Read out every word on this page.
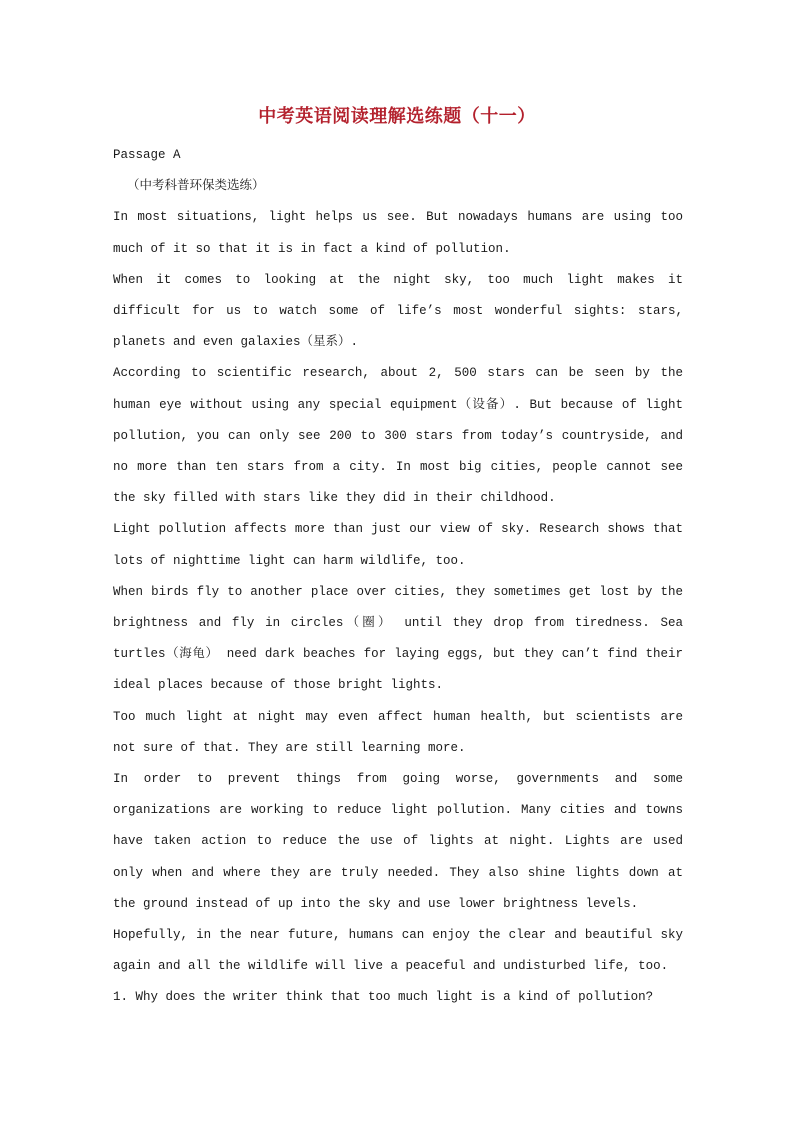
中考英语阅读理解选练题（十一）

Passage A

（中考科普环保类选练）

In most situations, light helps us see. But nowadays humans are using too much of it so that it is in fact a kind of pollution.

When it comes to looking at the night sky, too much light makes it difficult for us to watch some of life’s most wonderful sights: stars, planets and even galaxies（星系）.

According to scientific research, about 2, 500 stars can be seen by the human eye without using any special equipment（设备）. But because of light pollution, you can only see 200 to 300 stars from today’s countryside, and no more than ten stars from a city. In most big cities, people cannot see the sky filled with stars like they did in their childhood.

Light pollution affects more than just our view of sky. Research shows that lots of nighttime light can harm wildlife, too.

When birds fly to another place over cities, they sometimes get lost by the brightness and fly in circles（圈） until they drop from tiredness. Sea turtles（海龟） need dark beaches for laying eggs, but they can’t find their ideal places because of those bright lights.

Too much light at night may even affect human health, but scientists are not sure of that. They are still learning more.

In order to prevent things from going worse, governments and some organizations are working to reduce light pollution. Many cities and towns have taken action to reduce the use of lights at night. Lights are used only when and where they are truly needed. They also shine lights down at the ground instead of up into the sky and use lower brightness levels.

Hopefully, in the near future, humans can enjoy the clear and beautiful sky again and all the wildlife will live a peaceful and undisturbed life, too.

1. Why does the writer think that too much light is a kind of pollution?
